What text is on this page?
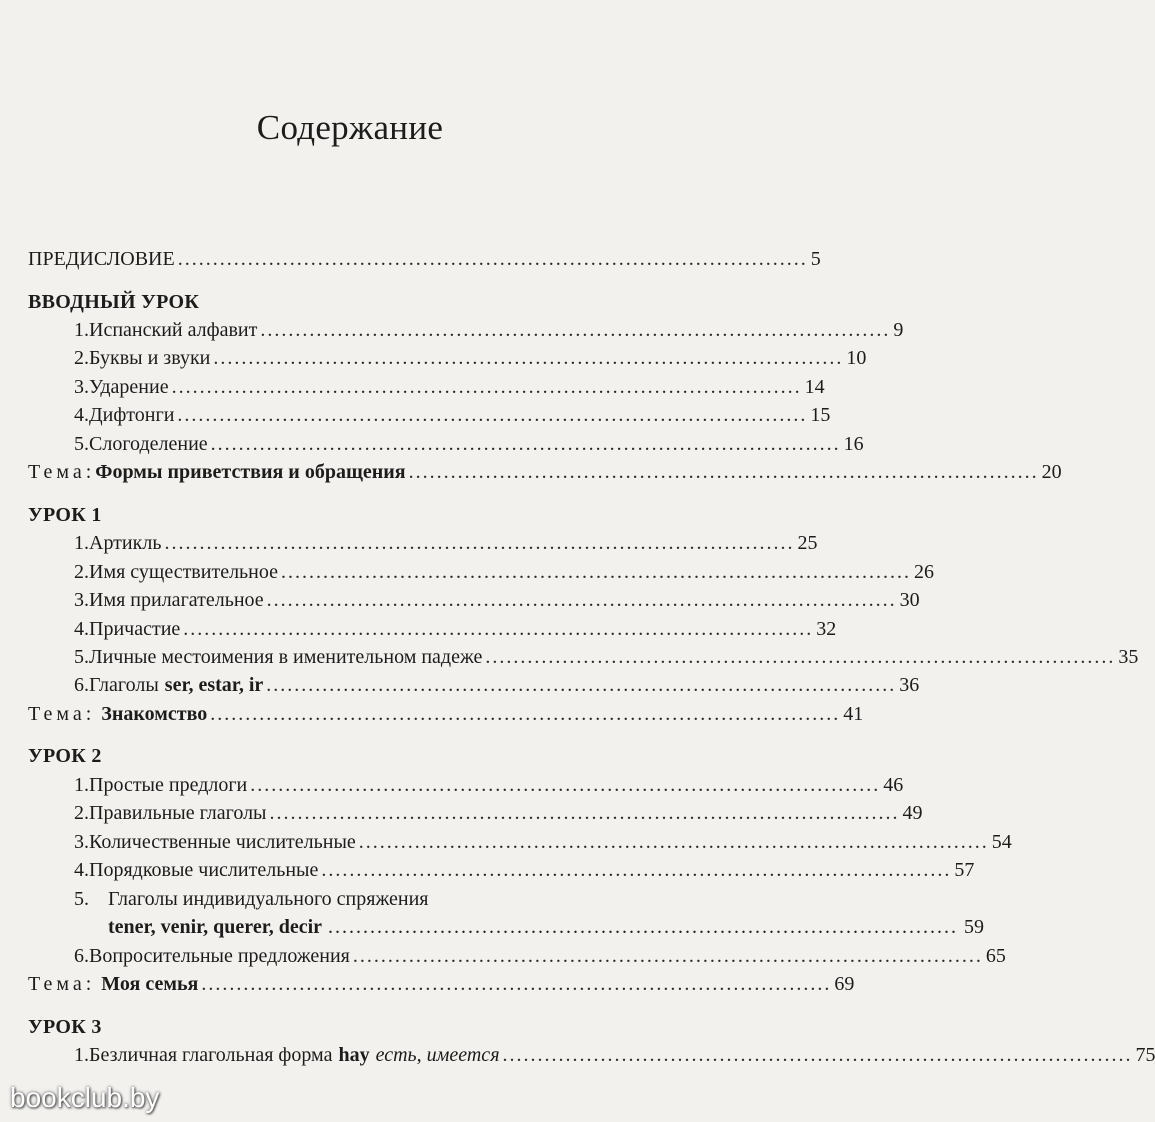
Содержание
ПРЕДИСЛОВИЕ .......................................................................................... 5
ВВОДНЫЙ УРОК
1. Испанский алфавит .......................................................................................... 9
2. Буквы и звуки .......................................................................................... 10
3. Ударение .......................................................................................... 14
4. Дифтонги .......................................................................................... 15
5. Слогоделение .......................................................................................... 16
Тема: Формы приветствия и обращения .......................................................................................... 20
УРОК 1
1. Артикль .......................................................................................... 25
2. Имя существительное .......................................................................................... 26
3. Имя прилагательное .......................................................................................... 30
4. Причастие .......................................................................................... 32
5. Личные местоимения в именительном падеже .......................................................................................... 35
6. Глаголы ser, estar, ir .......................................................................................... 36
Тема: Знакомство .......................................................................................... 41
УРОК 2
1. Простые предлоги .......................................................................................... 46
2. Правильные глаголы .......................................................................................... 49
3. Количественные числительные .......................................................................................... 54
4. Порядковые числительные .......................................................................................... 57
5. Глаголы индивидуального спряжения
tener, venir, querer, decir .......................................................................................... 59
6. Вопросительные предложения .......................................................................................... 65
Тема: Моя семья .......................................................................................... 69
УРОК 3
1. Безличная глагольная форма hay есть, имеется .......................................................................................... 75
bookclub.by
